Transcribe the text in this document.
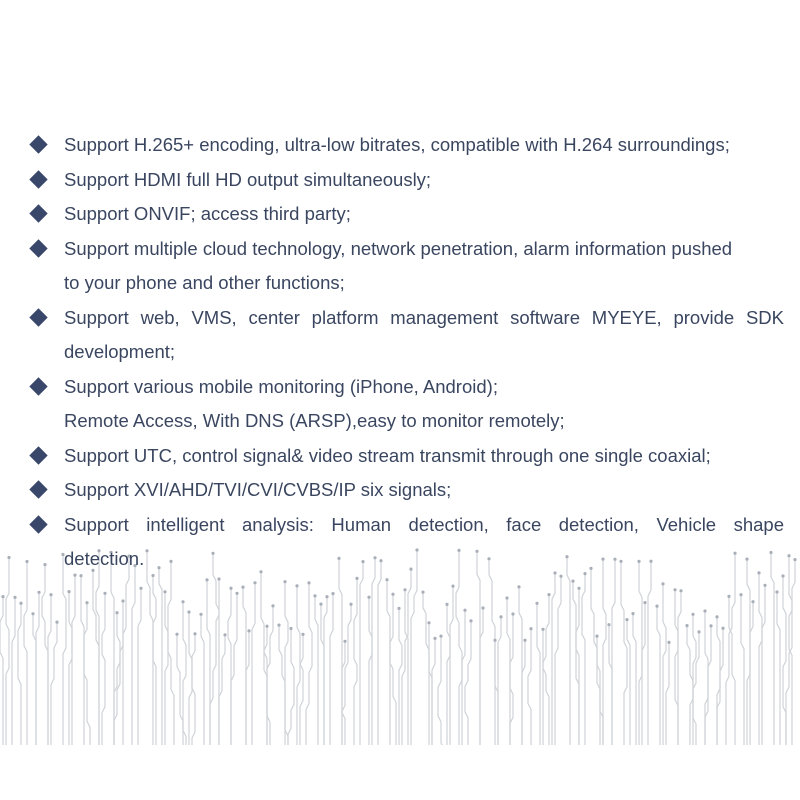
Support H.265+ encoding, ultra-low bitrates, compatible with H.264 surroundings;
Support HDMI full HD output simultaneously;
Support ONVIF; access third party;
Support multiple cloud technology, network penetration, alarm information pushed
to your phone and other functions;
Support web, VMS, center platform management software MYEYE, provide SDK
development;
Support various mobile monitoring (iPhone, Android);
Remote Access, With DNS (ARSP),easy to monitor remotely;
Support UTC, control signal& video stream transmit through one single coaxial;
Support XVI/AHD/TVI/CVI/CVBS/IP six signals;
Support intelligent analysis: Human detection, face detection, Vehicle shape
detection.
